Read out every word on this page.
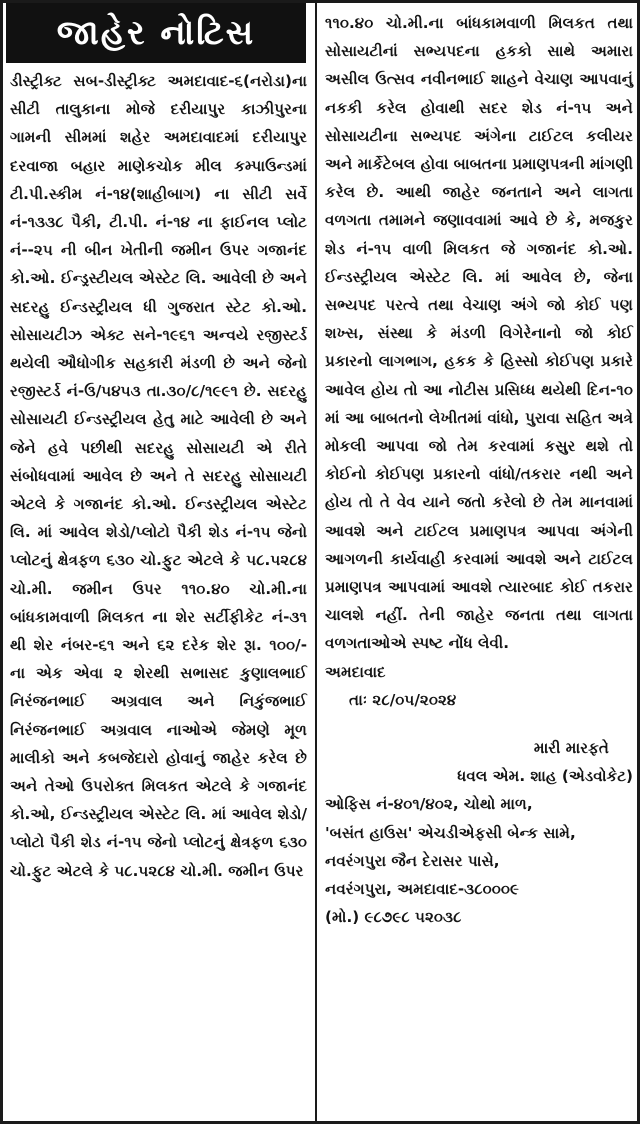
જાહેર નોટિસ

ડીસ્ટ્રીક્ટ સબ-ડીસ્ટ્રીક્ટ અમદાવાદ-૬(નરોડા)ના સીટી તાલુકાના મોજે દરીયાપુર કાઝીપુરના ગામની સીમમાં શહેર અમદાવાદમાં દરીયાપુર દરવાજા બહાર માણેકચોક મીલ કમ્પાઉન્ડમાં ટી.પી.સ્કીમ નં-૧૪(શાહીબાગ) ના સીટી સર્વે નં-૧૩૩૮ પૈકી, ટી.પી. નં-૧૪ ના ફાઈનલ પ્લોટ નં--૨૫ ની બીન ખેતીની જમીન ઉપર ગજાનંદ કો.ઓ. ઈન્ડ્રસ્ટીયલ એસ્ટેટ લિ. આવેલી છે અને સદરહુ ઈન્ડસ્ટ્રીયલ ધી ગુજરાત સ્ટેટ કો.ઓ. સોસાયટીઝ એક્ટ સને-૧૯૬૧ અન્વયે રજીસ્ટર્ડ થયેલી ઔધોગીક સહકારી મંડળી છે અને જેનો રજીસ્ટર્ડ નં-ઉ/૫૪૫૩ તા.૩૦/૮/૧૯૯૧ છે. સદરહુ સોસાયટી ઈન્ડસ્ટ્રીયલ હેતુ માટે આવેલી છે અને જેને હવે પછીથી સદરહુ સોસાયટી એ રીતે સંબોધવામાં આવેલ છે અને તે સદરહુ સોસાયટી એટલે કે ગજાનંદ કો.ઓ. ઈન્ડસ્ટ્રીયલ એસ્ટેટ લિ. માં આવેલ શેડો/પ્લોટો પૈકી શેડ નં-૧૫ જેનો પ્લોટનું ક્ષેત્રફળ ૬૩૦ ચો.ફુટ એટલે કે ૫૮.૫૨૮૪ ચો.મી. જમીન ઉપર ૧૧૦.૪૦ ચો.મી.ના બાંધકામવાળી મિલકત ના શેર સર્ટીફીકેટ નં-૩૧ થી શેર નંબર-૬૧ અને ૬૨ દરેક શેર રૂા. ૧૦૦/- ના એક એવા ૨ શેરથી સભાસદ કુણાલભાઈ નિરંજનભાઈ અગ્રવાલ અને નિકુંજભાઈ નિરંજનભાઈ અગ્રવાલ નાઓએ જેમણે મૂળ માલીકો અને કબજેદારો હોવાનું જાહેર કરેલ છે અને તેઓ ઉપરોક્ત મિલકત એટલે કે ગજાનંદ કો.ઓ, ઈન્ડસ્ટ્રીયલ એસ્ટેટ લિ. માં આવેલ શેડો/પ્લોટો પૈકી શેડ નં-૧૫ જેનો પ્લોટનું ક્ષેત્રફળ ૬૩૦ ચો.ફુટ એટલે કે ૫૮.૫૨૮૪ ચો.મી. જમીન ઉપર

૧૧૦.૪૦ ચો.મી.ના બાંધકામવાળી મિલકત તથા સોસાયટીનાં સભ્યપદના હકકો સાથે અમારા અસીલ ઉત્સવ નવીનભાઈ શાહને વેચાણ આપવાનું નકકી કરેલ હોવાથી સદર શેડ નં-૧૫ અને સોસાયટીના સભ્યપદ અંગેના ટાઈટલ કલીયર અને માર્કેટેબલ હોવા બાબતના પ્રમાણપત્રની માંગણી કરેલ છે. આથી જાહેર જનતાને અને લાગતા વળગતા તમામને જણાવવામાં આવે છે કે, મજકુર શેડ નં-૧૫ વાળી મિલકત જે ગજાનંદ કો.ઓ. ઈન્ડસ્ટ્રીયલ એસ્ટેટ લિ. માં આવેલ છે, જેના સભ્યપદ પરત્વે તથા વેચાણ અંગે જો કોઈ પણ શખ્સ, સંસ્થા કે મંડળી વિગેરેનાનો જો કોઈ પ્રકારનો લાગભાગ, હકક કે હિસ્સો કોઈપણ પ્રકારે આવેલ હોય તો આ નોટીસ પ્રસિધ્ધ થયેથી દિન-૧૦ માં આ બાબતનો લેખીતમાં વાંધો, પુરાવા સહિત અત્રે મોકલી આપવા જો તેમ કરવામાં કસુર થશે તો કોઈનો કોઈપણ પ્રકારનો વાંધો/તકરાર નથી અને હોય તો તે વેવ યાને જતો કરેલો છે તેમ માનવામાં આવશે અને ટાઈટલ પ્રમાણપત્ર આપવા અંગેની આગળની કાર્યવાહી કરવામાં આવશે અને ટાઈટલ પ્રમાણપત્ર આપવામાં આવશે ત્યારબાદ કોઈ તકરાર ચાલશે નહીં. તેની જાહેર જનતા તથા લાગતા વળગતાઓએ સ્પષ્ટ નોંધ લેવી.

અમદાવાદ
તાઃ ૨૮/૦૫/૨૦૨૪
મારી મારફતે
ધવલ એમ. શાહ (એડવોકેટ)
ઓફિસ નં-૪૦૧/૪૦૨, ચોથો માળ,
'બસંત હાઉસ' એચડીએફસી બેન્ક સામે,
નવરંગપુરા જૈન દેરાસર પાસે,
નવરંગપુરા, અમદાવાદ-૩૮૦૦૦૯
(મો.) ૯૮૭૯૮ ૫૨૦૩૮
